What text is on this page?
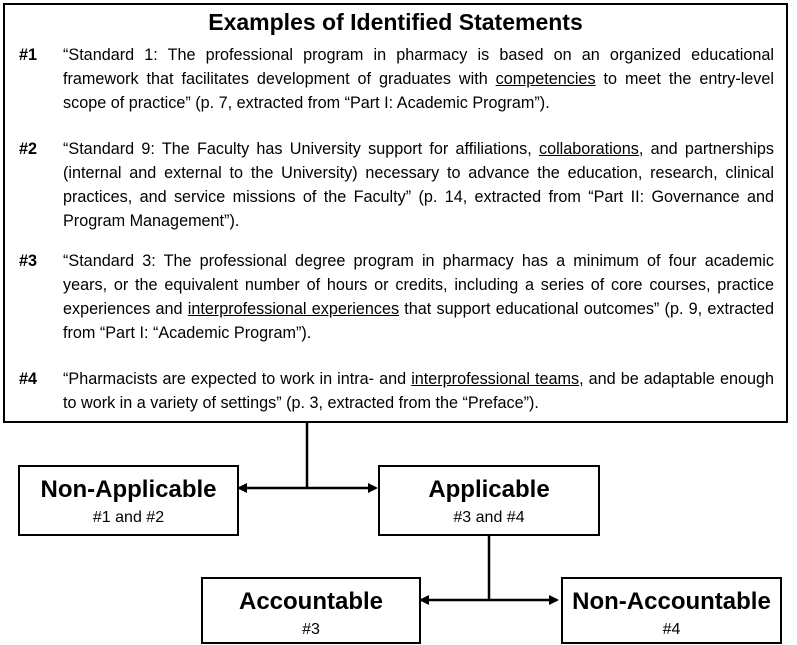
Examples of Identified Statements
#1	“Standard 1: The professional program in pharmacy is based on an organized educational framework that facilitates development of graduates with competencies to meet the entry-level scope of practice” (p. 7, extracted from “Part I: Academic Program”).
#2	“Standard 9: The Faculty has University support for affiliations, collaborations, and partnerships (internal and external to the University) necessary to advance the education, research, clinical practices, and service missions of the Faculty” (p. 14, extracted from “Part II: Governance and Program Management”).
#3	“Standard 3: The professional degree program in pharmacy has a minimum of four academic years, or the equivalent number of hours or credits, including a series of core courses, practice experiences and interprofessional experiences that support educational outcomes” (p. 9, extracted from “Part I: “Academic Program”).
#4	“Pharmacists are expected to work in intra- and interprofessional teams, and be adaptable enough to work in a variety of settings” (p. 3, extracted from the “Preface”).
Non-Applicable
#1 and #2
Applicable
#3 and #4
Accountable
#3
Non-Accountable
#4
